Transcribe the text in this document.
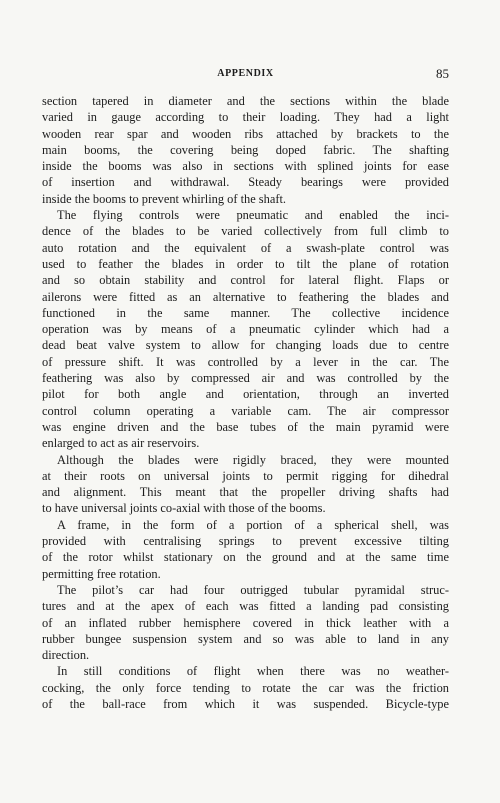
APPENDIX	85
section tapered in diameter and the sections within the blade
varied in gauge according to their loading. They had a light
wooden rear spar and wooden ribs attached by brackets to the
main booms, the covering being doped fabric. The shafting
inside the booms was also in sections with splined joints for ease
of insertion and withdrawal. Steady bearings were provided
inside the booms to prevent whirling of the shaft.
The flying controls were pneumatic and enabled the inci-
dence of the blades to be varied collectively from full climb to
auto rotation and the equivalent of a swash-plate control was
used to feather the blades in order to tilt the plane of rotation
and so obtain stability and control for lateral flight. Flaps or
ailerons were fitted as an alternative to feathering the blades and
functioned in the same manner. The collective incidence
operation was by means of a pneumatic cylinder which had a
dead beat valve system to allow for changing loads due to centre
of pressure shift. It was controlled by a lever in the car. The
feathering was also by compressed air and was controlled by the
pilot for both angle and orientation, through an inverted
control column operating a variable cam. The air compressor
was engine driven and the base tubes of the main pyramid were
enlarged to act as air reservoirs.
Although the blades were rigidly braced, they were mounted
at their roots on universal joints to permit rigging for dihedral
and alignment. This meant that the propeller driving shafts had
to have universal joints co-axial with those of the booms.
A frame, in the form of a portion of a spherical shell, was
provided with centralising springs to prevent excessive tilting
of the rotor whilst stationary on the ground and at the same time
permitting free rotation.
The pilot’s car had four outrigged tubular pyramidal struc-
tures and at the apex of each was fitted a landing pad consisting
of an inflated rubber hemisphere covered in thick leather with a
rubber bungee suspension system and so was able to land in any
direction.
In still conditions of flight when there was no weather-
cocking, the only force tending to rotate the car was the friction
of the ball-race from which it was suspended. Bicycle-type
